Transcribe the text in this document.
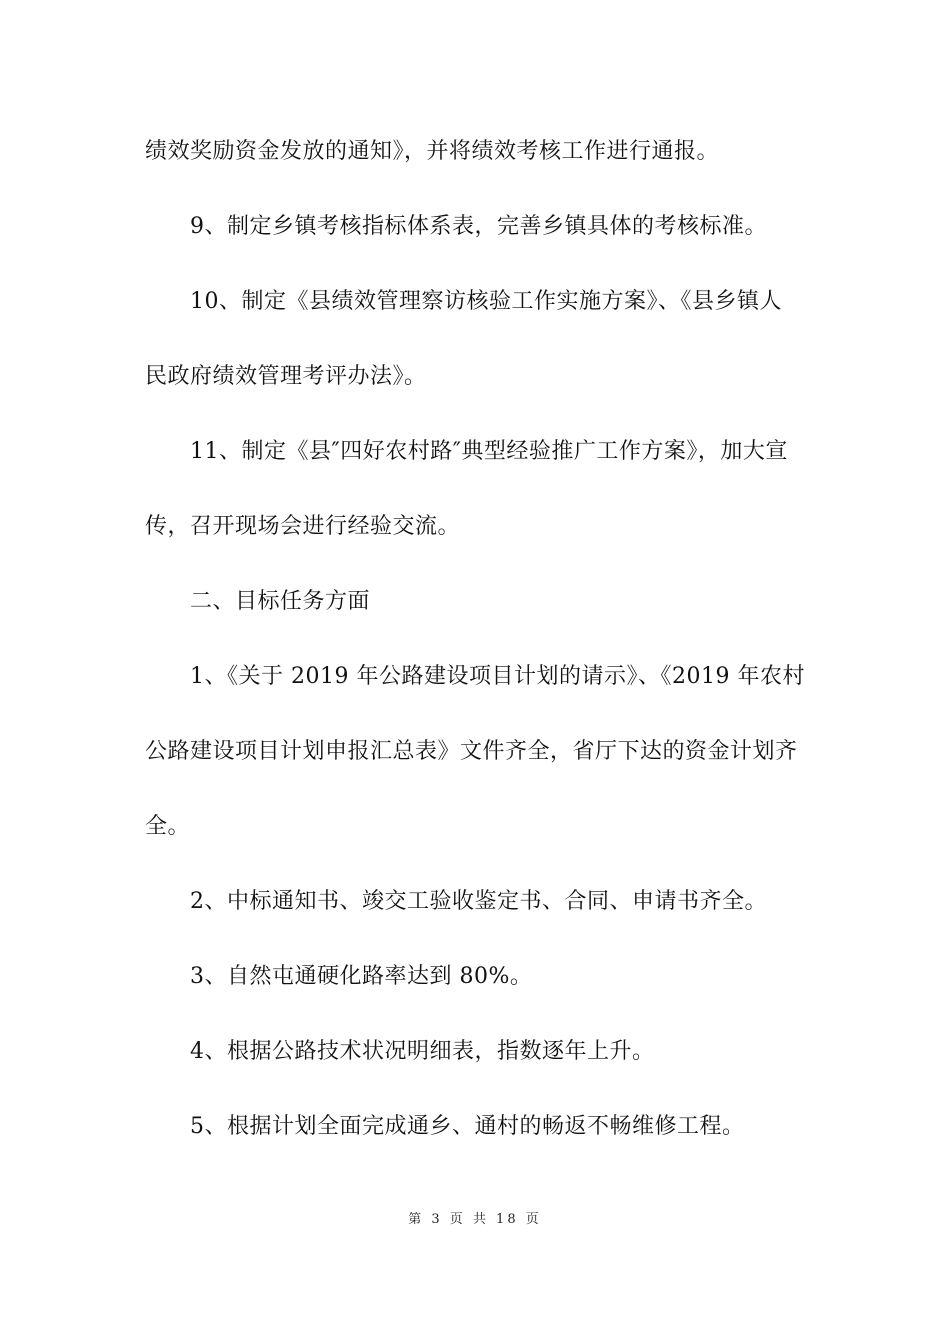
绩效奖励资金发放的通知》，并将绩效考核工作进行通报。
9、制定乡镇考核指标体系表，完善乡镇具体的考核标准。
10、制定《县绩效管理察访核验工作实施方案》、《县乡镇人
民政府绩效管理考评办法》。
11、制定《县″四好农村路″典型经验推广工作方案》，加大宣
传，召开现场会进行经验交流。
二、目标任务方面
1、《关于 2019 年公路建设项目计划的请示》、《2019 年农村
公路建设项目计划申报汇总表》文件齐全，省厅下达的资金计划齐
全。
2、中标通知书、竣交工验收鉴定书、合同、申请书齐全。
3、自然屯通硬化路率达到 80%。
4、根据公路技术状况明细表，指数逐年上升。
5、根据计划全面完成通乡、通村的畅返不畅维修工程。
第 3 页 共 18 页
